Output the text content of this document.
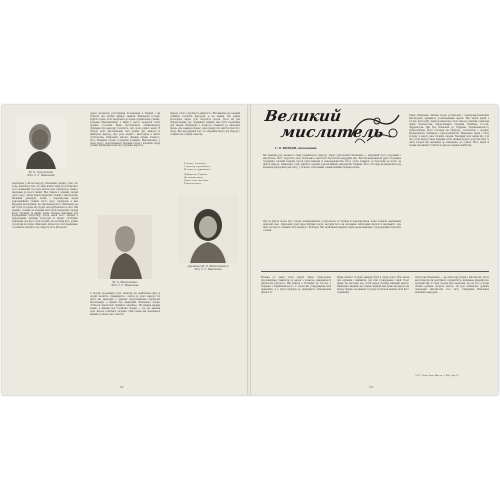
М. О. Сикорський
Літ. Т. Г. Шевченко
перебуває у містах народу. Шевченко радить усім, хто хоче, вчитися в тих, хто вміє вчити. Цим почуттям він і досі сповнений. Усе своє життя поет прагнув до знань і закликав до цього інших. Він учився у кращих людей свого часу, читав книги видатних учених і мислителів. Великий демократ читав і перечитував праці революційних учених свого часу, шукаючи в них відповіді на питання, що хвилювали його. Шевченко не міг бути осторонь від подій, які відбувалися в світі. Він уважно стежив за кожним виступом передових людей Росії, України та інших країн. Велике значення для формування світогляду поета мали його зв'язки з передовими діячами культури й науки. Особливо близьким для нього був чоловік, що розумів його думки й поділяв погляди. Шевченко писав про свої враження, і ці записи свідчать про широту його інтересів.
через фольклор розслідував положення в Україні і на Поділлі, він зробив чимало записів. Вивчаючи історію рідного краю, поет звертався до праць українських учених, зокрема Максимовича, з яким у нього склалися теплі дружні стосунки. Вони листувалися, обмінювалися думками про народну творчість, про долю рідної землі. В листах поет висловлював свої думки про минуле й майбутнє народу, про роль науки і мистецтва в житті суспільства. Шевченко високо цінував працю вченого, його збірники пісень, історичні розвідки. Максимович, у свою чергу, захоплювався творами поета і першим серед учених відзначив їх високу художню вартість.
М. О. Максимович
Літ. Т. Г. Шевченко
У своєму щоденнику поет записав, що найбільше цінує в людях чесність, правдивість і любов до свого народу. Ці риси він знаходив у кращих представниках передової інтелігенції, з якими був знайомий. Шевченко писав: «Учітеся, брати мої! Думайте, читайте». Не знання заради знань, а знання для служіння людям — ось що вважав поет метою освіченої людини. Цим ідеям він залишався вірним до кінця свого життя.
народу і його героїчного минулого. Він вважав, що вчений повинен служити народові, а не панам. Ця думка проходить через усю творчість поета. Поет не раз підкреслював, що справжнє знання має бути корисним для людей. Шевченко з повагою ставився до наукових праць, але завжди шукав у них правду про життя простого люду. Він засуджував тих, хто відривав науку від народу і ставив її на службу панству.
Учітесь, читайте,
І чужому научайтесь,
Й свого не цурайтесь...
Доборолась Україна
До самого краю.
Гірше ляха свої діти
Її розпинають.
Дружина М. О. Максимовича
Літ. Т. Г. Шевченко
11
Великий
мислитель
Г. О. ВОЛКОВ, письменник
Ми пишемо про великого сина українського народу. Тарас Григорович Шевченко — видатний поет, художник і мислитель. Його творчість тісно пов'язана з життям і боротьбою народних мас. Він був виразником дум і сподівань трудящих, палким борцем проти кріпосництва й самодержавства. Його слово кликало до боротьби за волю, за щастя народу. Шевченко став одним із перших революційних демократів України. Його погляди формувалися під впливом передових ідей часу, у тісному спілкуванні з найкращими людьми епохи.
Ще за життя поета його твори поширювалися в рукописах, їх читали й переписували, вони ставали надбанням широких мас. Царський уряд переслідував поета, засудив його на заслання, заборонив писати й малювати. Але ніщо не могло зламати волі великого Кобзаря. Він залишився вірним своїм переконанням і продовжував боротьбу словом.
Тарас Шевченко вивчав твори російських і західноєвропейських мислителів, цікавився досягненнями науки. Він читав праці з історії, філософії, природознавства. Поет високо цінував геніальні праці Ломоносова, захоплювався творами Пушкіна, Гоголя, Лермонтова. Він був близький до Герцена, Чернишевського, Добролюбова. Його погляди на природу, суспільство і людину відзначалися глибиною і прогресивністю. Шевченко вірив у силу розуму, в науку, яка служить людям. Великий поет мріяв про той час, коли народ стане вільним, коли знання будуть доступні всім. У своїх творах він закликав до навчання, до освіти. Його вірші й поеми проникнуті глибокою вірою в краще майбутнє.
Можна до самої своєї смерті Тарас Григорович продовжував ставитися до науки з повагою, вважаючи її джерелом прогресу. Він вчився у Пушкіна та Гоголя, у Герцена і Чернишевського. У поезії він утверджував нові принципи, а у прозі прагнув до правдивого зображення дійсності.
Рідна земля і її люди завжди були в серці поета. Він писав про кріпаків і наймитів, про їхні страждання і мрії. Поет вірив, що настане час, коли народ розірве кайдани неволі. Шевченко вважав, що кожна людина має право на щастя, на вільну працю, на знання. У цьому полягала велика сила його гуманізму.
Світогляд Шевченка — це світогляд борця і мислителя. Поет виступав проти релігійного мракобісся, викривав лицемірство духовенства. У своїх творах він показував, що не бог, а люди своїми руками творять життя. Ці ідеї співзвучні думкам передових мислителів того часу. Спадщина Шевченка належить народові.
* М. Т. Черн. Пош. Зібр. тв., т. XXI, стор. 95.
13
